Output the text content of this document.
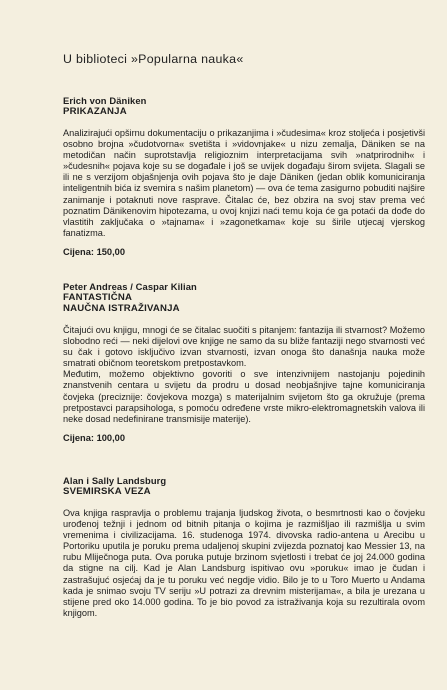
U biblioteci »Popularna nauka«
Erich von Däniken
PRIKAZANJA

Analizirajući opširnu dokumentaciju o prikazanjima i »čudesima« kroz stoljeća i posjetivši osobno brojna »čudotvorna« svetišta i »vidovnjake« u nizu zemalja, Däniken se na metodičan način suprotstavlja religioznim interpretacijama svih »natprirodnih« i »čudesnih« pojava koje su se događale i još se uvijek događaju širom svijeta. Slagali se ili ne s verzijom objašnjenja ovih pojava što je daje Däniken (jedan oblik komuniciranja inteligentnih bića iz svemira s našim planetom) — ova će tema zasigurno pobuditi najšire zanimanje i potaknuti nove rasprave. Čitalac će, bez obzira na svoj stav prema već poznatim Dänikenovim hipotezama, u ovoj knjizi naći temu koja će ga potaći da dođe do vlastitih zaključaka o »tajnama« i »zagonetkama« koje su širile utjecaj vjerskog fanatizma.

Cijena: 150,00
Peter Andreas / Caspar Kilian
FANTASTIČNA
NAUČNA ISTRAŽIVANJA

Čitajući ovu knjigu, mnogi će se čitalac suočiti s pitanjem: fantazija ili stvarnost? Možemo slobodno reći — neki dijelovi ove knjige ne samo da su bliže fantaziji nego stvarnosti već su čak i gotovo isključivo izvan stvarnosti, izvan onoga što današnja nauka može smatrati običnom teoretskom pretpostavkom.

Međutim, možemo objektivno govoriti o sve intenzivnijem nastojanju pojedinih znanstvenih centara u svijetu da prodru u dosad neobjašnjive tajne komuniciranja čovjeka (preciznije: čovjekova mozga) s materijalnim svijetom što ga okružuje (prema pretpostavci parapsihologa, s pomoću određene vrste mikro-elektromagnetskih valova ili neke dosad nedefinirane transmisije materije).

Cijena: 100,00
Alan i Sally Landsburg
SVEMIRSKA VEZA

Ova knjiga raspravlja o problemu trajanja ljudskog života, o besmrtnosti kao o čovjeku urođenoj težnji i jednom od bitnih pitanja o kojima je razmišljao ili razmišlja u svim vremenima i civilizacijama. 16. studenoga 1974. divovska radio-antena u Arecibu u Portoriku uputila je poruku prema udaljenoj skupini zvijezda poznatoj kao Messier 13, na rubu Mliječnoga puta. Ova poruka putuje brzinom svjetlosti i trebat će joj 24.000 godina da stigne na cilj. Kad je Alan Landsburg ispitivao ovu »poruku« imao je čudan i zastrašujuć osjećaj da je tu poruku već negdje vidio. Bilo je to u Toro Muerto u Andama kada je snimao svoju TV seriju »U potrazi za drevnim misterijama«, a bila je urezana u stijene pred oko 14.000 godina. To je bio povod za istraživanja koja su rezultirala ovom knjigom.
